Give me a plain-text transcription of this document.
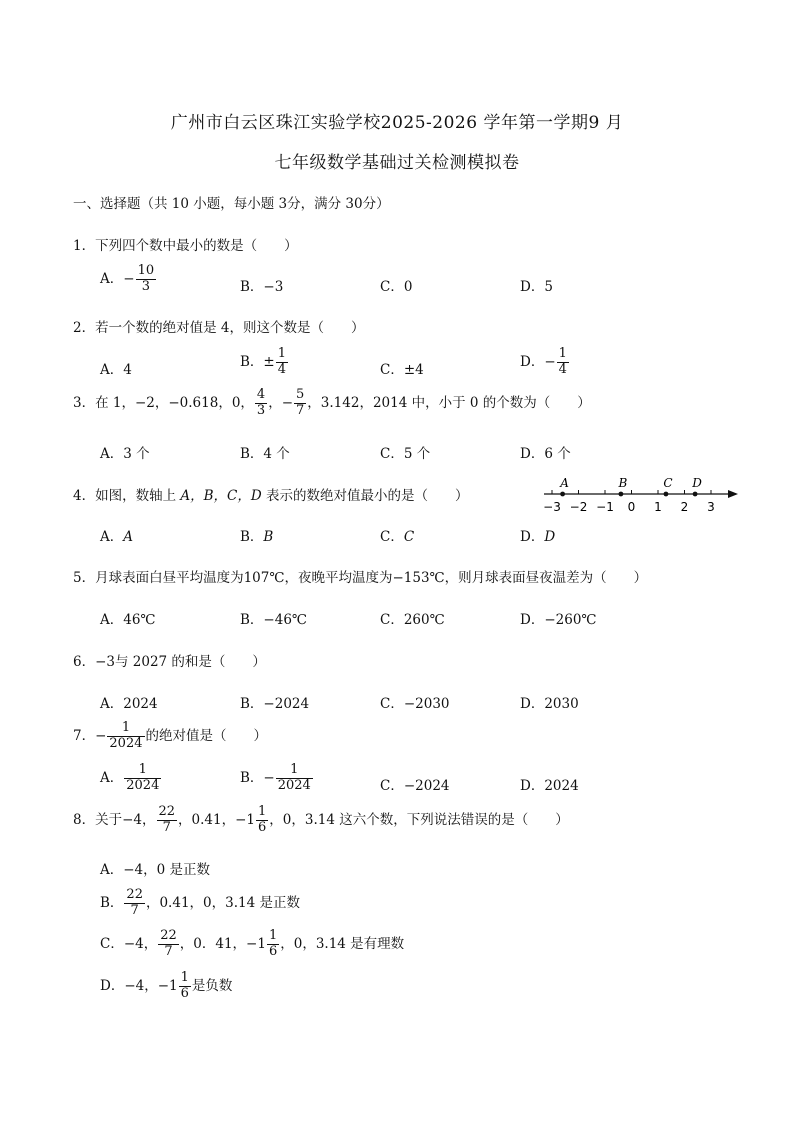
广州市白云区珠江实验学校2025-2026 学年第一学期9 月
七年级数学基础过关检测模拟卷
一、选择题（共 10 小题，每小题 3分，满分 30分）
1．下列四个数中最小的数是（　　）
A．− $\frac{10}{3}$	B．−3	C．0	D．5
2．若一个数的绝对值是 4，则这个数是（　　）
A．4
B．± $\frac{1}{4}$	C．±4
D．− $\frac{1}{4}$
3．在 1，−2，−0.618，0， $\frac{4}{3}$ ，− $\frac{5}{7}$ ，3.142，2014 中，小于 0 的个数为（　　）
A．3 个	B．4 个	C．5 个	D．6 个
4．如图，数轴上 A，B，C，D 表示的数绝对值最小的是（　　）
−3 −2 −1 0 1 2 3
A	B	C D
A．A	B．B	C．C	D．D
5．月球表面白昼平均温度为107℃，夜晚平均温度为−153℃，则月球表面昼夜温差为（　　）
A．46℃	B．−46℃	C．260℃	D．−260℃
6．−3与 2027 的和是（　　）
A．2024	B．−2024	C．−2030	D．2030
7．− $\frac{1}{2024}$ 的绝对值是（　　）
A． $\frac{1}{2024}$	B．− $\frac{1}{2024}$	C．−2024	D．2024
8．关于−4， $\frac{22}{7}$ ，0.41，$-1 \frac{1}{6}$ ，0，3.14 这六个数，下列说法错误的是（　　）
A．−4，0 是正数
B． $\frac{22}{7}$ ，0.41，0，3.14 是正数
C．−4， $\frac{22}{7}$ ，0．41，$-1 \frac{1}{6}$ ，0，3.14 是有理数
D．−4，$-1 \frac{1}{6}$ 是负数
